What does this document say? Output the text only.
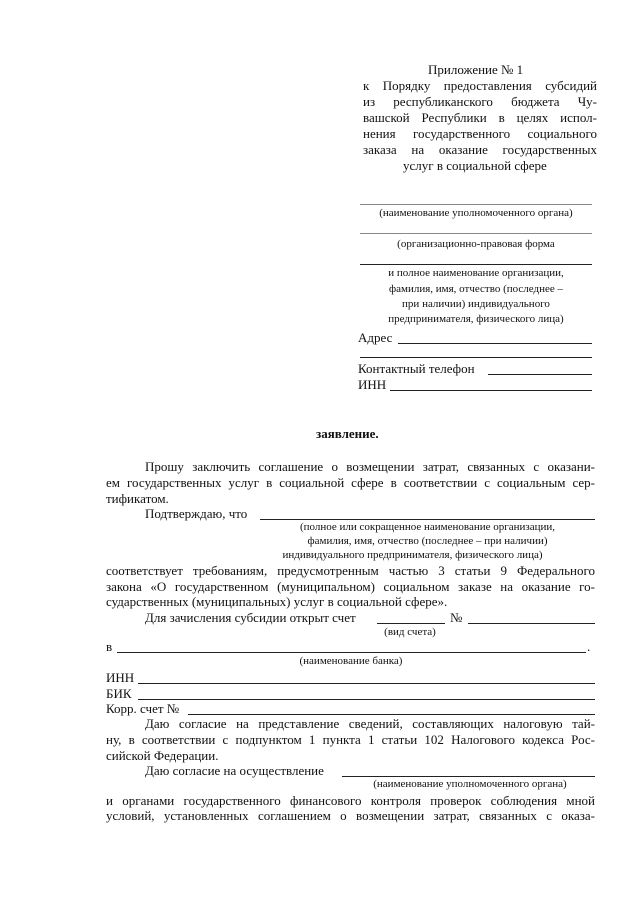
Приложение № 1
к Порядку предоставления субсидий
из республиканского бюджета Чу-
вашской Республики в целях испол-
нения государственного социального
заказа на оказание государственных
услуг в социальной сфере
(наименование уполномоченного органа)
(организационно-правовая форма
и полное наименование организации,
фамилия, имя, отчество (последнее –
при наличии) индивидуального
предпринимателя, физического лица)
Адрес
Контактный телефон
ИНН
заявление.
Прошу заключить соглашение о возмещении затрат, связанных с оказани-
ем государственных услуг в социальной сфере в соответствии с социальным сер-
тификатом.
Подтверждаю, что
(полное или сокращенное наименование организации,
фамилия, имя, отчество (последнее – при наличии)
индивидуального предпринимателя, физического лица)
соответствует требованиям, предусмотренным частью 3 статьи 9 Федерального
закона «О государственном (муниципальном) социальном заказе на оказание го-
сударственных (муниципальных) услуг в социальной сфере».
Для зачисления субсидии открыт счет	№
(вид счета)
в	.
(наименование банка)
ИНН
БИК
Корр. счет №
Даю согласие на представление сведений, составляющих налоговую тай-
ну, в соответствии с подпунктом 1 пункта 1 статьи 102 Налогового кодекса Рос-
сийской Федерации.
Даю согласие на осуществление
(наименование уполномоченного органа)
и органами государственного финансового контроля проверок соблюдения мной
условий, установленных соглашением о возмещении затрат, связанных с оказа-
